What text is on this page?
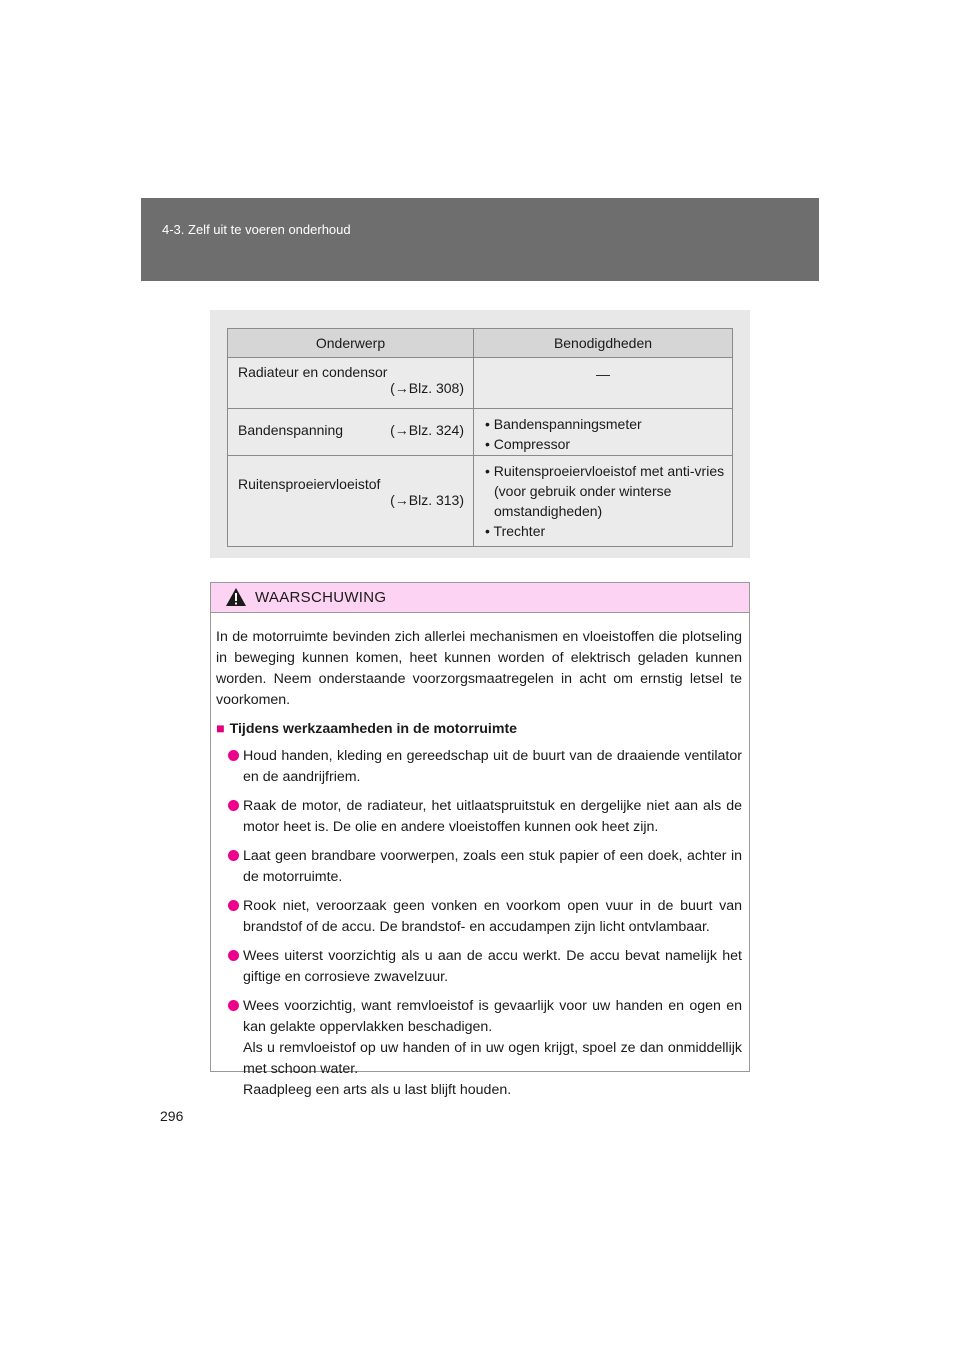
4-3. Zelf uit te voeren onderhoud
Onderwerp	Benodigdheden

Radiateur en condensor
(→Blz. 308)	—

Bandenspanning (→Blz. 324)	• Bandenspanningsmeter
• Compressor

Ruitensproeiervloeistof
(→Blz. 313)	• Ruitensproeiervloeistof met anti-vries (voor gebruik onder winterse omstandigheden)
• Trechter
WAARSCHUWING

In de motorruimte bevinden zich allerlei mechanismen en vloeistoffen die plotseling in beweging kunnen komen, heet kunnen worden of elektrisch geladen kunnen worden. Neem onderstaande voorzorgsmaatregelen in acht om ernstig letsel te voorkomen.

■ Tijdens werkzaamheden in de motorruimte

Houd handen, kleding en gereedschap uit de buurt van de draaiende ventilator en de aandrijfriem.
Raak de motor, de radiateur, het uitlaatspruitstuk en dergelijke niet aan als de motor heet is. De olie en andere vloeistoffen kunnen ook heet zijn.
Laat geen brandbare voorwerpen, zoals een stuk papier of een doek, achter in de motorruimte.
Rook niet, veroorzaak geen vonken en voorkom open vuur in de buurt van brandstof of de accu. De brandstof- en accudampen zijn licht ontvlambaar.
Wees uiterst voorzichtig als u aan de accu werkt. De accu bevat namelijk het giftige en corrosieve zwavelzuur.
Wees voorzichtig, want remvloeistof is gevaarlijk voor uw handen en ogen en kan gelakte oppervlakken beschadigen.
Als u remvloeistof op uw handen of in uw ogen krijgt, spoel ze dan onmiddellijk met schoon water.
Raadpleeg een arts als u last blijft houden.
296
